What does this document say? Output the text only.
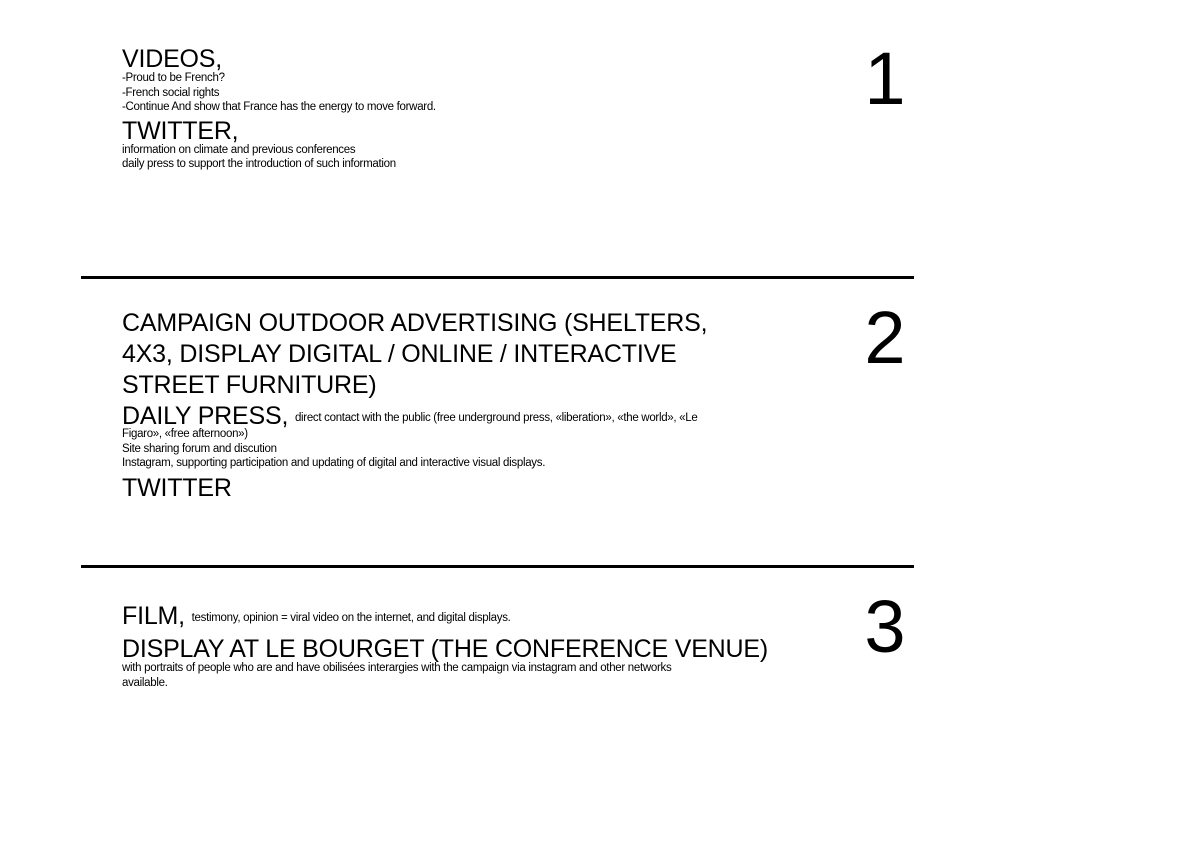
VIDEOS,
-Proud to be French?
-French social rights
-Continue And show that France has the energy to move forward.
TWITTER,
information on climate and previous conferences
daily press to support the introduction of such information
1
CAMPAIGN OUTDOOR ADVERTISING (SHELTERS,
4X3, DISPLAY DIGITAL / ONLINE / INTERACTIVE
STREET FURNITURE)
DAILY PRESS, direct contact with the public (free underground press, «liberation», «the world», «Le
Figaro», «free afternoon»)
Site sharing forum and discution
Instagram, supporting participation and updating of digital and interactive visual displays.
TWITTER
2
FILM, testimony, opinion = viral video on the internet, and digital displays.
DISPLAY AT LE BOURGET (THE CONFERENCE VENUE)
with portraits of people who are and have obilisées interargies with the campaign via instagram and other networks
available.
3
